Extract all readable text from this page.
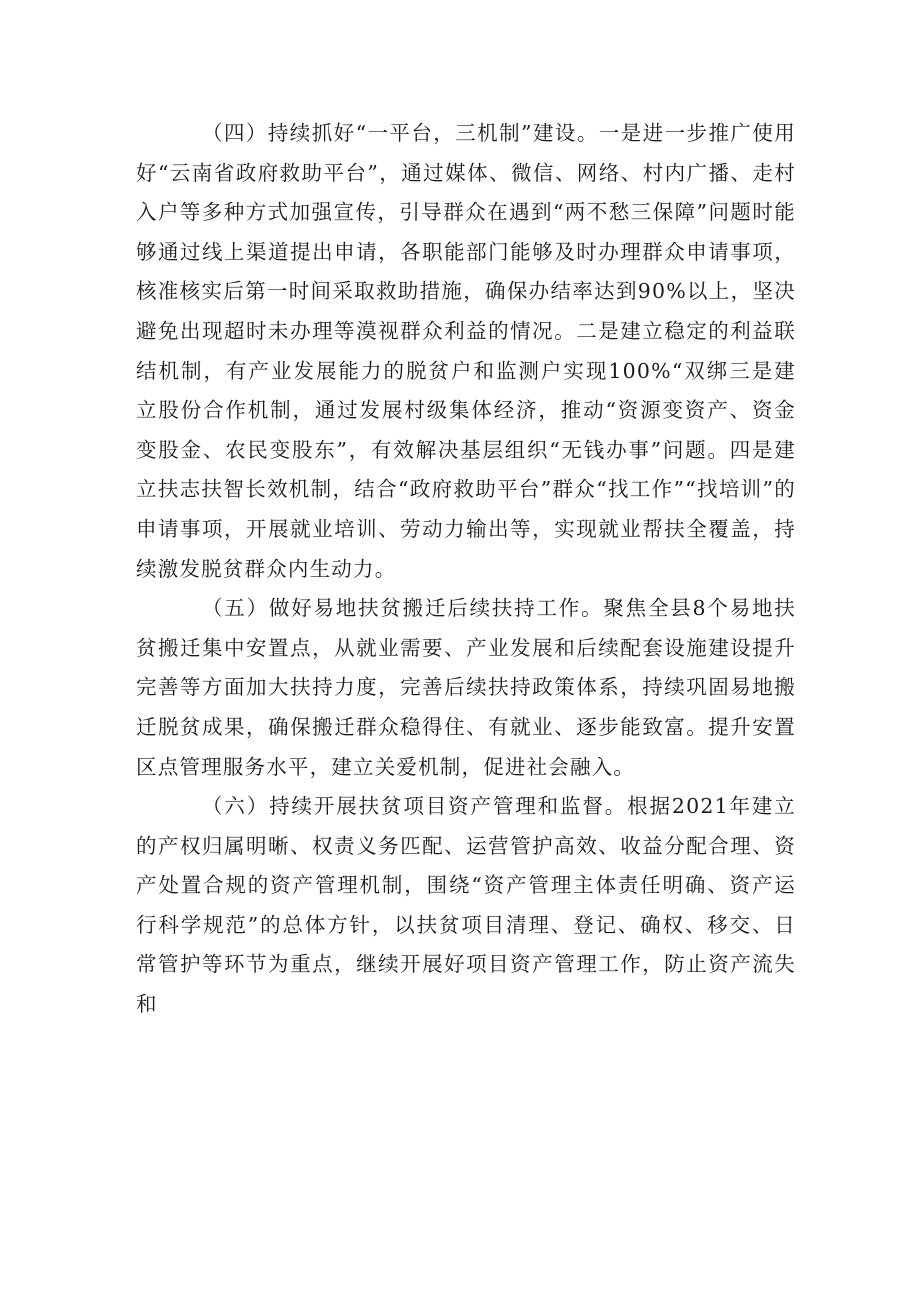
（四）持续抓好“一平台，三机制”建设。一是进一步推广使用好“云南省政府救助平台”，通过媒体、微信、网络、村内广播、走村入户等多种方式加强宣传，引导群众在遇到“两不愁三保障”问题时能够通过线上渠道提出申请，各职能部门能够及时办理群众申请事项，核准核实后第一时间采取救助措施，确保办结率达到90%以上，坚决避免出现超时未办理等漠视群众利益的情况。二是建立稳定的利益联结机制，有产业发展能力的脱贫户和监测户实现100%“双绑三是建立股份合作机制，通过发展村级集体经济，推动“资源变资产、资金变股金、农民变股东”，有效解决基层组织“无钱办事”问题。四是建立扶志扶智长效机制，结合“政府救助平台”群众“找工作”“找培训”的申请事项，开展就业培训、劳动力输出等，实现就业帮扶全覆盖，持续激发脱贫群众内生动力。

（五）做好易地扶贫搬迁后续扶持工作。聚焦全县8个易地扶贫搬迁集中安置点，从就业需要、产业发展和后续配套设施建设提升完善等方面加大扶持力度，完善后续扶持政策体系，持续巩固易地搬迁脱贫成果，确保搬迁群众稳得住、有就业、逐步能致富。提升安置区点管理服务水平，建立关爱机制，促进社会融入。

（六）持续开展扶贫项目资产管理和监督。根据2021年建立的产权归属明晰、权责义务匹配、运营管护高效、收益分配合理、资产处置合规的资产管理机制，围绕“资产管理主体责任明确、资产运行科学规范”的总体方针，以扶贫项目清理、登记、确权、移交、日常管护等环节为重点，继续开展好项目资产管理工作，防止资产流失和
